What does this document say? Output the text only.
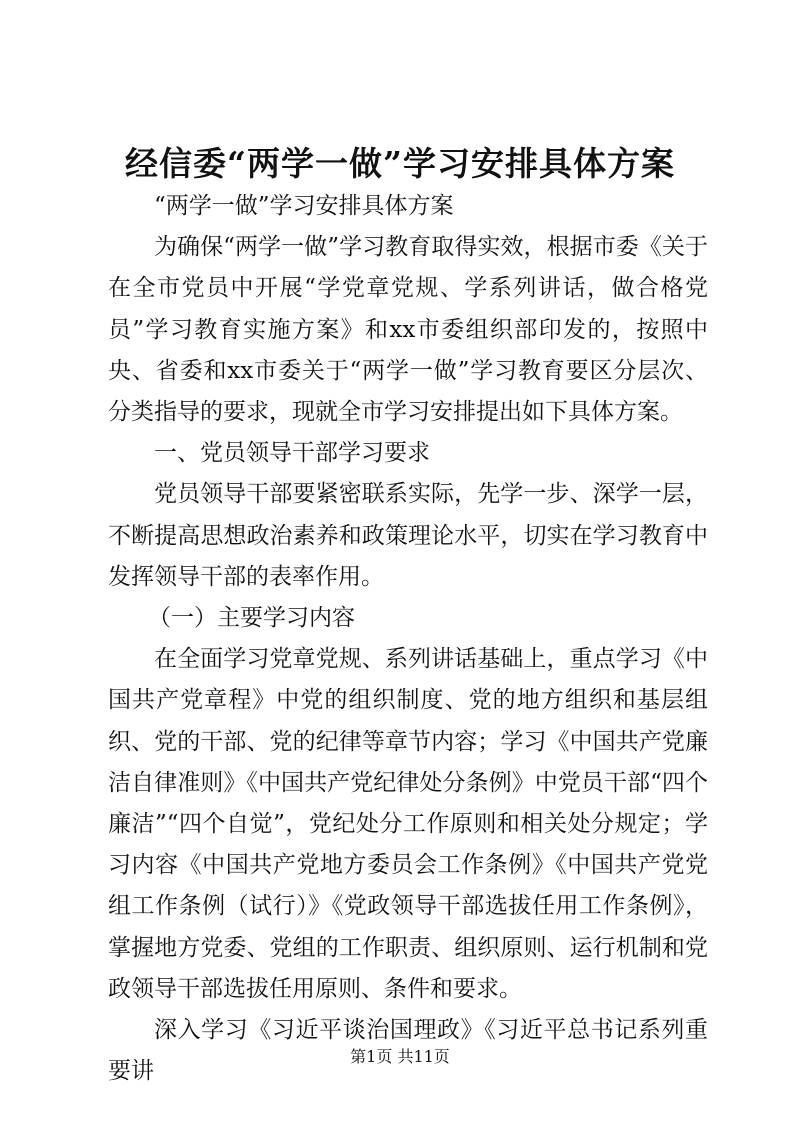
经信委“两学一做”学习安排具体方案

“两学一做”学习安排具体方案

为确保“两学一做”学习教育取得实效，根据市委《关于在全市党员中开展“学党章党规、学系列讲话，做合格党员”学习教育实施方案》和xx市委组织部印发的，按照中央、省委和xx市委关于“两学一做”学习教育要区分层次、分类指导的要求，现就全市学习安排提出如下具体方案。

一、党员领导干部学习要求

党员领导干部要紧密联系实际，先学一步、深学一层，不断提高思想政治素养和政策理论水平，切实在学习教育中发挥领导干部的表率作用。

（一）主要学习内容

在全面学习党章党规、系列讲话基础上，重点学习《中国共产党章程》中党的组织制度、党的地方组织和基层组织、党的干部、党的纪律等章节内容；学习《中国共产党廉洁自律准则》《中国共产党纪律处分条例》中党员干部“四个廉洁”“四个自觉”，党纪处分工作原则和相关处分规定；学习内容《中国共产党地方委员会工作条例》《中国共产党党组工作条例（试行）》《党政领导干部选拔任用工作条例》，掌握地方党委、党组的工作职责、组织原则、运行机制和党政领导干部选拔任用原则、条件和要求。

深入学习《习近平谈治国理政》《习近平总书记系列重要讲

第1页 共11页
